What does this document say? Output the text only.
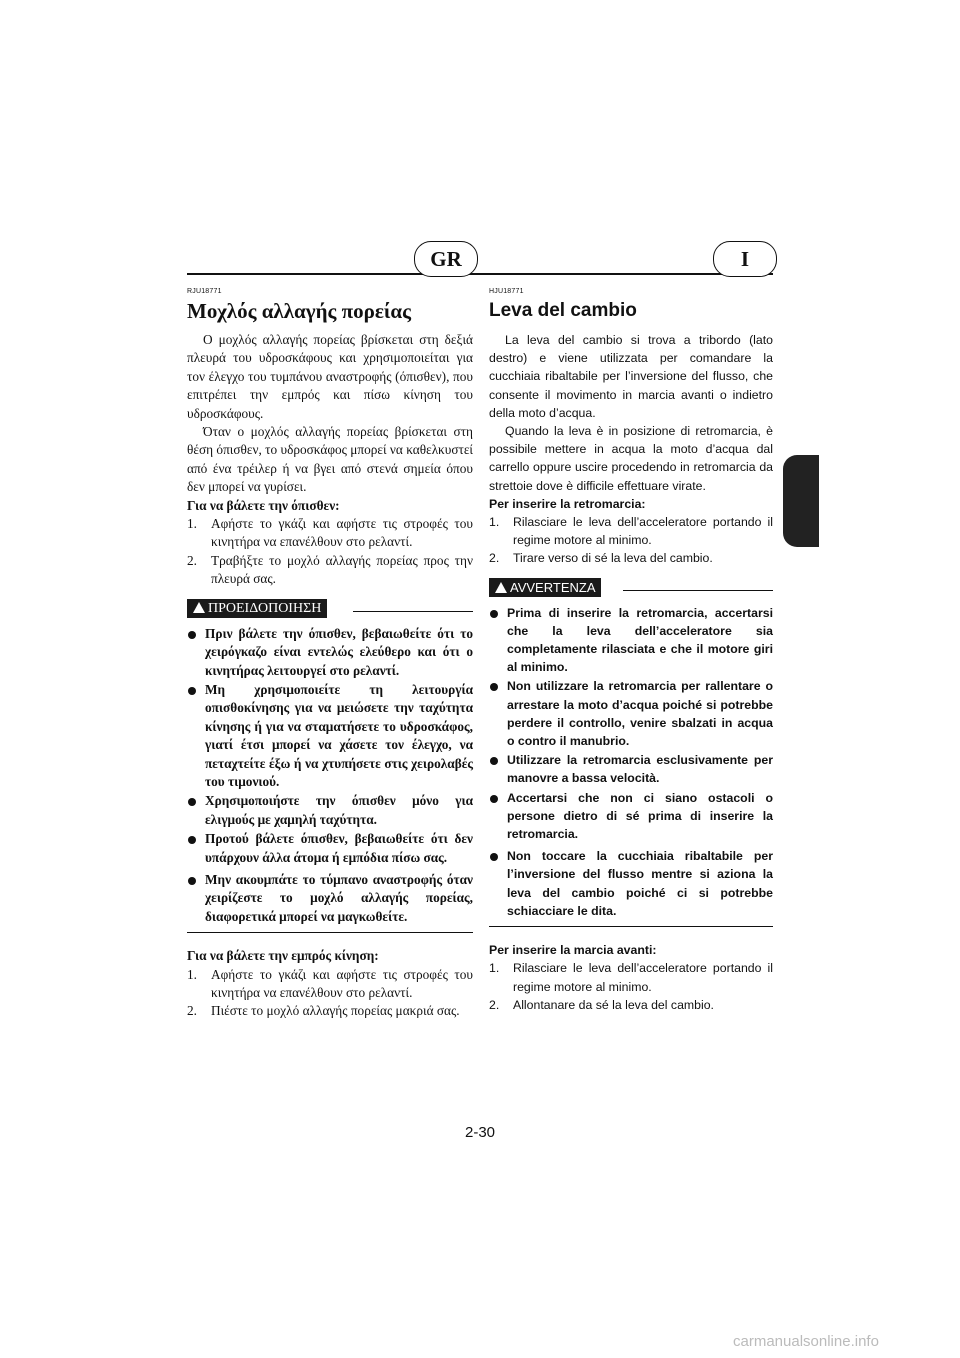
GR	I
RJU18771
Μοχλός αλλαγής πορείας

Ο μοχλός αλλαγής πορείας βρίσκεται στη δεξιά πλευρά του υδροσκάφους και χρησιμοποιείται για τον έλεγχο του τυμπάνου αναστροφής (όπισθεν), που επιτρέπει την εμπρός και πίσω κίνηση του υδροσκάφους.

Όταν ο μοχλός αλλαγής πορείας βρίσκεται στη θέση όπισθεν, το υδροσκάφος μπορεί να καθελκυστεί από ένα τρέιλερ ή να βγει από στενά σημεία όπου δεν μπορεί να γυρίσει.

Για να βάλετε την όπισθεν:

1. Αφήστε το γκάζι και αφήστε τις στροφές του κινητήρα να επανέλθουν στο ρελαντί.

2. Τραβήξτε το μοχλό αλλαγής πορείας προς την πλευρά σας.

ΠΡΟΕΙΔΟΠΟΙΗΣΗ

Πριν βάλετε την όπισθεν, βεβαιωθείτε ότι το χειρόγκαζο είναι εντελώς ελεύθερο και ότι ο κινητήρας λειτουργεί στο ρελαντί.

Μη χρησιμοποιείτε τη λειτουργία οπισθοκίνησης για να μειώσετε την ταχύτητα κίνησης ή για να σταματήσετε το υδροσκάφος, γιατί έτσι μπορεί να χάσετε τον έλεγχο, να πεταχτείτε έξω ή να χτυπήσετε στις χειρολαβές του τιμονιού.

Χρησιμοποιήστε την όπισθεν μόνο για ελιγμούς με χαμηλή ταχύτητα.

Προτού βάλετε όπισθεν, βεβαιωθείτε ότι δεν υπάρχουν άλλα άτομα ή εμπόδια πίσω σας.

Μην ακουμπάτε το τύμπανο αναστροφής όταν χειρίζεστε το μοχλό αλλαγής πορείας, διαφορετικά μπορεί να μαγκωθείτε.

Για να βάλετε την εμπρός κίνηση:

1. Αφήστε το γκάζι και αφήστε τις στροφές του κινητήρα να επανέλθουν στο ρελαντί.

2. Πιέστε το μοχλό αλλαγής πορείας μακριά σας.

HJU18771
Leva del cambio

La leva del cambio si trova a tribordo (lato destro) e viene utilizzata per comandare la cucchiaia ribaltabile per l’inversione del flusso, che consente il movimento in marcia avanti o indietro della moto d’acqua.

Quando la leva è in posizione di retromarcia, è possibile mettere in acqua la moto d’acqua dal carrello oppure uscire procedendo in retromarcia da strettoie dove è difficile effettuare virate.

Per inserire la retromarcia:

1. Rilasciare le leva dell’acceleratore portando il regime motore al minimo.

2. Tirare verso di sé la leva del cambio.

AVVERTENZA

Prima di inserire la retromarcia, accertarsi che la leva dell’acceleratore sia completamente rilasciata e che il motore giri al minimo.

Non utilizzare la retromarcia per rallentare o arrestare la moto d’acqua poiché si potrebbe perdere il controllo, venire sbalzati in acqua o contro il manubrio.

Utilizzare la retromarcia esclusivamente per manovre a bassa velocità.

Accertarsi che non ci siano ostacoli o persone dietro di sé prima di inserire la retromarcia.

Non toccare la cucchiaia ribaltabile per l’inversione del flusso mentre si aziona la leva del cambio poiché ci si potrebbe schiacciare le dita.

Per inserire la marcia avanti:

1. Rilasciare le leva dell’acceleratore portando il regime motore al minimo.

2. Allontanare da sé la leva del cambio.

2-30
carmanualsonline.info
